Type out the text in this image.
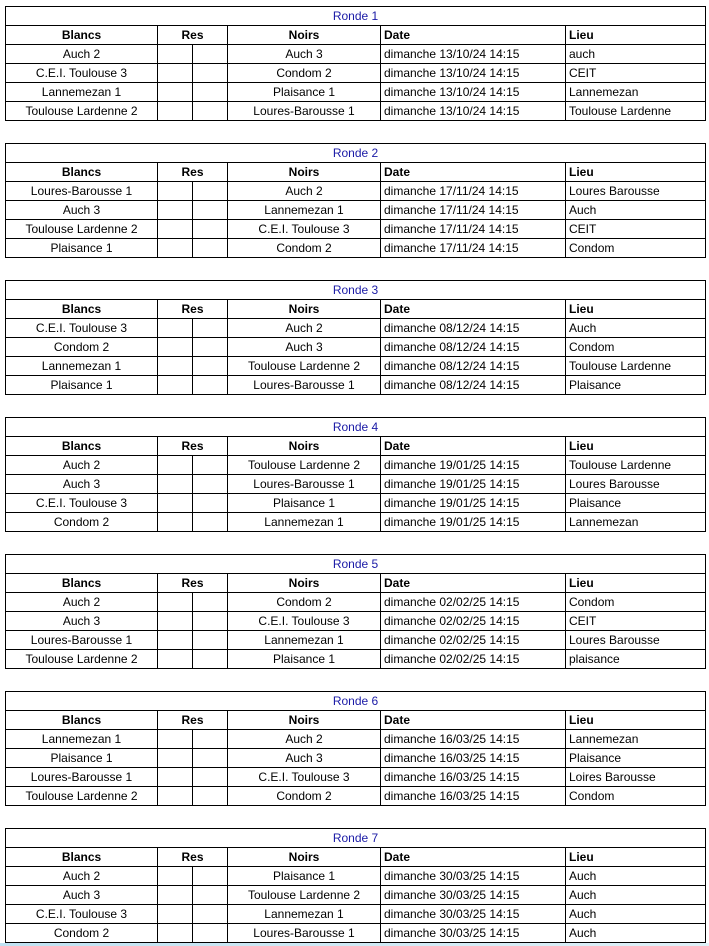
Ronde 1					
Blancs	Res		Noirs	Date	Lieu
Auch 2			Auch 3	dimanche 13/10/24 14:15	auch
C.E.I. Toulouse 3			Condom 2	dimanche 13/10/24 14:15	CEIT
Lannemezan 1			Plaisance 1	dimanche 13/10/24 14:15	Lannemezan
Toulouse Lardenne 2			Loures-Barousse 1	dimanche 13/10/24 14:15	Toulouse Lardenne
Ronde 2					
Blancs	Res		Noirs	Date	Lieu
Loures-Barousse 1			Auch 2	dimanche 17/11/24 14:15	Loures Barousse
Auch 3			Lannemezan 1	dimanche 17/11/24 14:15	Auch
Toulouse Lardenne 2			C.E.I. Toulouse 3	dimanche 17/11/24 14:15	CEIT
Plaisance 1			Condom 2	dimanche 17/11/24 14:15	Condom
Ronde 3					
Blancs	Res		Noirs	Date	Lieu
C.E.I. Toulouse 3			Auch 2	dimanche 08/12/24 14:15	Auch
Condom 2			Auch 3	dimanche 08/12/24 14:15	Condom
Lannemezan 1			Toulouse Lardenne 2	dimanche 08/12/24 14:15	Toulouse Lardenne
Plaisance 1			Loures-Barousse 1	dimanche 08/12/24 14:15	Plaisance
Ronde 4					
Blancs	Res		Noirs	Date	Lieu
Auch 2			Toulouse Lardenne 2	dimanche 19/01/25 14:15	Toulouse Lardenne
Auch 3			Loures-Barousse 1	dimanche 19/01/25 14:15	Loures Barousse
C.E.I. Toulouse 3			Plaisance 1	dimanche 19/01/25 14:15	Plaisance
Condom 2			Lannemezan 1	dimanche 19/01/25 14:15	Lannemezan
Ronde 5					
Blancs	Res		Noirs	Date	Lieu
Auch 2			Condom 2	dimanche 02/02/25 14:15	Condom
Auch 3			C.E.I. Toulouse 3	dimanche 02/02/25 14:15	CEIT
Loures-Barousse 1			Lannemezan 1	dimanche 02/02/25 14:15	Loures Barousse
Toulouse Lardenne 2			Plaisance 1	dimanche 02/02/25 14:15	plaisance
Ronde 6					
Blancs	Res		Noirs	Date	Lieu
Lannemezan 1			Auch 2	dimanche 16/03/25 14:15	Lannemezan
Plaisance 1			Auch 3	dimanche 16/03/25 14:15	Plaisance
Loures-Barousse 1			C.E.I. Toulouse 3	dimanche 16/03/25 14:15	Loires Barousse
Toulouse Lardenne 2			Condom 2	dimanche 16/03/25 14:15	Condom
Ronde 7					
Blancs	Res		Noirs	Date	Lieu
Auch 2			Plaisance 1	dimanche 30/03/25 14:15	Auch
Auch 3			Toulouse Lardenne 2	dimanche 30/03/25 14:15	Auch
C.E.I. Toulouse 3			Lannemezan 1	dimanche 30/03/25 14:15	Auch
Condom 2			Loures-Barousse 1	dimanche 30/03/25 14:15	Auch
